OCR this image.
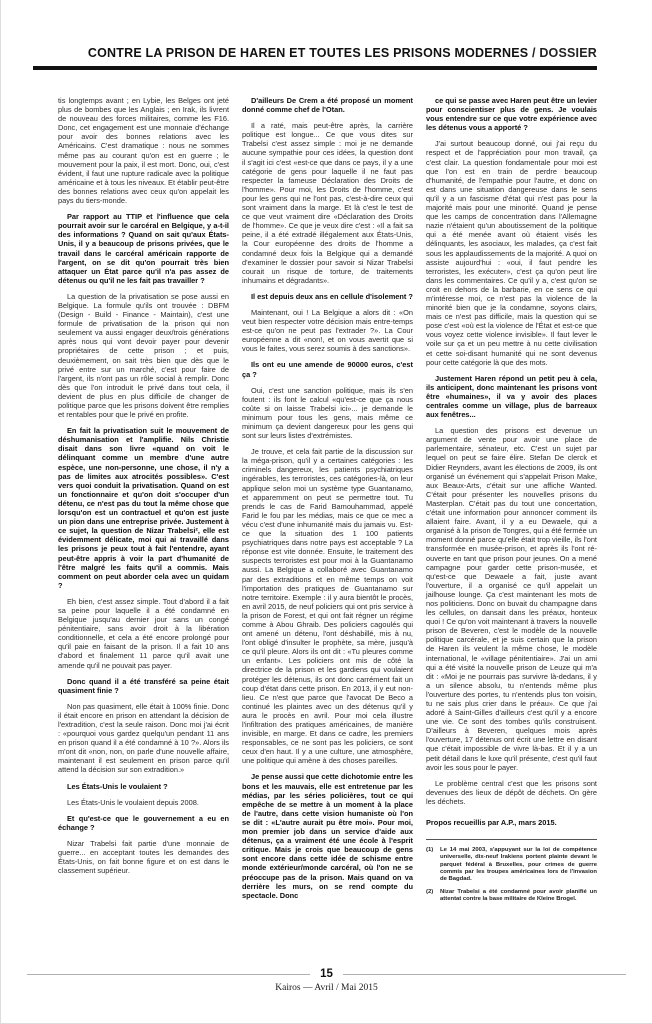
CONTRE LA PRISON DE HAREN ET TOUTES LES PRISONS MODERNES / DOSSIER

tis longtemps avant ; en Lybie, les Belges ont jeté plus de bombes que les Anglais ; en Irak, ils livrent de nouveau des forces militaires, comme les F16. Donc, cet engagement est une monnaie d'échange pour avoir des bonnes relations avec les Américains. C'est dramatique : nous ne sommes même pas au courant qu'on est en guerre ; le mouvement pour la paix, il est mort. Donc, oui, c'est évident, il faut une rupture radicale avec la politique américaine et à tous les niveaux. Et établir peut-être des bonnes relations avec ceux qu'on appelait les pays du tiers-monde.

Par rapport au TTIP et l'influence que cela pourrait avoir sur le carcéral en Belgique, y a-t-il des informations ? Quand on sait qu'aux États-Unis, il y a beaucoup de prisons privées, que le travail dans le carcéral américain rapporte de l'argent, on se dit qu'on pourrait très bien attaquer un État parce qu'il n'a pas assez de détenus ou qu'il ne les fait pas travailler ?

La question de la privatisation se pose aussi en Belgique. La formule qu'ils ont trouvée : DBFM (Design - Build - Finance - Maintain), c'est une formule de privatisation de la prison qui non seulement va aussi engager deux/trois générations après nous qui vont devoir payer pour devenir propriétaires de cette prison ; et puis, deuxièmement, on sait très bien que dès que le privé entre sur un marché, c'est pour faire de l'argent, ils n'ont pas un rôle social à remplir. Donc dès que l'on introduit le privé dans tout cela, il devient de plus en plus difficile de changer de politique parce que les prisons doivent être remplies et rentables pour que le privé en profite.

En fait la privatisation suit le mouvement de déshumanisation et l'amplifie. Nils Christie disait dans son livre «quand on voit le délinquant comme un membre d'une autre espèce, une non-personne, une chose, il n'y a pas de limites aux atrocités possibles». C'est vers quoi conduit la privatisation. Quand on est un fonctionnaire et qu'on doit s'occuper d'un détenu, ce n'est pas du tout la même chose que lorsqu'on est un contractuel et qu'on est juste un pion dans une entreprise privée. Justement à ce sujet, la question de Nizar Trabelsi², elle est évidemment délicate, moi qui ai travaillé dans les prisons je peux tout à fait l'entendre, ayant peut-être appris à voir la part d'humanité de l'être malgré les faits qu'il a commis. Mais comment on peut aborder cela avec un quidam ?

Eh bien, c'est assez simple. Tout d'abord il a fait sa peine pour laquelle il a été condamné en Belgique jusqu'au dernier jour sans un congé pénitentiaire, sans avoir droit à la libération conditionnelle, et cela a été encore prolongé pour qu'il paie en faisant de la prison. Il a fait 10 ans d'abord et finalement 11 parce qu'il avait une amende qu'il ne pouvait pas payer.

Donc quand il a été transféré sa peine était quasiment finie ?

Non pas quasiment, elle était à 100% finie. Donc il était encore en prison en attendant la décision de l'extradition, c'est la seule raison. Donc moi j'ai écrit : «pourquoi vous gardez quelqu'un pendant 11 ans en prison quand il a été condamné à 10 ?». Alors ils m'ont dit «non, non, on parle d'une nouvelle affaire, maintenant il est seulement en prison parce qu'il attend la décision sur son extradition.»

Les États-Unis le voulaient ?

Les États-Unis le voulaient depuis 2008.

Et qu'est-ce que le gouvernement a eu en échange ?

Nizar Trabelsi fait partie d'une monnaie de guerre... en acceptant toutes les demandes des États-Unis, on fait bonne figure et on est dans le classement supérieur.

D'ailleurs De Crem a été proposé un moment donné comme chef de l'Otan.

Il a raté, mais peut-être après, la carrière politique est longue... Ce que vous dites sur Trabelsi c'est assez simple : moi je ne demande aucune sympathie pour ces idées, la question dont il s'agit ici c'est «est-ce que dans ce pays, il y a une catégorie de gens pour laquelle il ne faut pas respecter la fameuse Déclaration des Droits de l'homme». Pour moi, les Droits de l'homme, c'est pour les gens qui ne l'ont pas, c'est-à-dire ceux qui sont vraiment dans la marge. Et là c'est le test de ce que veut vraiment dire «Déclaration des Droits de l'homme». Ce que je veux dire c'est : «Il a fait sa peine, il a été extradé illégalement aux États-Unis, la Cour européenne des droits de l'homme a condamné deux fois la Belgique qui a demandé d'examiner le dossier pour savoir si Nizar Trabelsi courait un risque de torture, de traitements inhumains et dégradants».

Il est depuis deux ans en cellule d'isolement ?

Maintenant, oui ! La Belgique a alors dit : «On veut bien respecter votre décision mais entre-temps est-ce qu'on ne peut pas l'extrader ?». La Cour européenne a dit «non!, et on vous avertit que si vous le faites, vous serez soumis à des sanctions».

Ils ont eu une amende de 90000 euros, c'est ça ?

Oui, c'est une sanction politique, mais ils s'en foutent : ils font le calcul «qu'est-ce que ça nous coûte si on laisse Trabelsi ici»... je demande le minimum pour tous les gens, mais même ce minimum ça devient dangereux pour les gens qui sont sur leurs listes d'extrémistes.

Je trouve, et cela fait partie de la discussion sur la méga-prison, qu'il y a certaines catégories : les criminels dangereux, les patients psychiatriques ingérables, les terroristes, ces catégories-là, on leur applique selon moi un système type Guantanamo, et apparemment on peut se permettre tout. Tu prends le cas de Farid Bamouhammad, appelé Farid le fou par les médias, mais ce que ce mec a vécu c'est d'une inhumanité mais du jamais vu. Est-ce que la situation des 1 100 patients psychiatriques dans notre pays est acceptable ? La réponse est vite donnée. Ensuite, le traitement des suspects terroristes est pour moi à la Guantanamo aussi. La Belgique a collaboré avec Guantanamo par des extraditions et en même temps on voit l'importation des pratiques de Guantanamo sur notre territoire. Exemple : il y aura bientôt le procès, en avril 2015, de neuf policiers qui ont pris service à la prison de Forest, et qui ont fait régner un régime comme à Abou Ghraib. Des policiers cagoulés qui ont amené un détenu, l'ont déshabillé, mis à nu, l'ont obligé d'insulter le prophète, sa mère, jusqu'à ce qu'il pleure. Alors ils ont dit : «Tu pleures comme un enfant». Les policiers ont mis de côté la directrice de la prison et les gardiens qui voulaient protéger les détenus, ils ont donc carrément fait un coup d'état dans cette prison. En 2013, il y eut non-lieu. Ce n'est que parce que l'avocat De Beco a continué les plaintes avec un des détenus qu'il y aura le procès en avril. Pour moi cela illustre l'infiltration des pratiques américaines, de manière invisible, en marge. Et dans ce cadre, les premiers responsables, ce ne sont pas les policiers, ce sont ceux d'en haut. Il y a une culture, une atmosphère, une politique qui amène à des choses pareilles.

Je pense aussi que cette dichotomie entre les bons et les mauvais, elle est entretenue par les médias, par les séries policières, tout ce qui empêche de se mettre à un moment à la place de l'autre, dans cette vision humaniste où l'on se dit : «L'autre aurait pu être moi». Pour moi, mon premier job dans un service d'aide aux détenus, ça a vraiment été une école à l'esprit critique. Mais je crois que beaucoup de gens sont encore dans cette idée de schisme entre monde extérieur/monde carcéral, où l'on ne se préoccupe pas de la prison. Mais quand on va derrière les murs, on se rend compte du spectacle. Donc

ce qui se passe avec Haren peut être un levier pour conscientiser plus de gens. Je voulais vous entendre sur ce que votre expérience avec les détenus vous a apporté ?

J'ai surtout beaucoup donné, oui j'ai reçu du respect et de l'appréciation pour mon travail, ça c'est clair. La question fondamentale pour moi est que l'on est en train de perdre beaucoup d'humanité, de l'empathie pour l'autre, et donc on est dans une situation dangereuse dans le sens qu'il y a un fascisme d'état qui n'est pas pour la majorité mais pour une minorité. Quand je pense que les camps de concentration dans l'Allemagne nazie n'étaient qu'un aboutissement de la politique qui a été menée avant où étaient visés les délinquants, les asociaux, les malades, ça c'est fait sous les applaudissements de la majorité. A quoi on assiste aujourd'hui : «oui, il faut pendre les terroristes, les exécuter», c'est ça qu'on peut lire dans les commentaires. Ce qu'il y a, c'est qu'on se croit en dehors de la barbarie, en ce sens ce qui m'intéresse moi, ce n'est pas la violence de la minorité bien que je la condamne, soyons clairs, mais ce n'est pas difficile, mais la question qui se pose c'est «où est la violence de l'État et est-ce que vous voyez cette violence invisible». Il faut lever le voile sur ça et un peu mettre à nu cette civilisation et cette soi-disant humanité qui ne sont devenus pour cette catégorie là que des mots.

Justement Haren répond un petit peu à cela, ils anticipent, donc maintenant les prisons vont être «humaines», il va y avoir des places centrales comme un village, plus de barreaux aux fenêtres...

La question des prisons est devenue un argument de vente pour avoir une place de parlementaire, sénateur, etc. C'est un sujet par lequel on peut se faire élire. Stefan De clerck et Didier Reynders, avant les élections de 2009, ils ont organisé un événement qui s'appelait Prison Make, aux Beaux-Arts, c'était sur une affiche Wanted. C'était pour présenter les nouvelles prisons du Masterplan. C'était pas du tout une concertation, c'était une information pour annoncer comment ils allaient faire. Avant, il y a eu Dewaele, qui a organisé à la prison de Tongres, qui a été fermée un moment donné parce qu'elle était trop vieille, ils l'ont transformée en musée-prison, et après ils l'ont ré-ouverte en tant que prison pour jeunes. On a mené campagne pour garder cette prison-musée, et qu'est-ce que Dewaele a fait, juste avant l'ouverture, il a organisé ce qu'il appelait un jailhouse lounge. Ça c'est maintenant les mots de nos politiciens. Donc on buvait du champagne dans les cellules, on dansait dans les préaux, honteux quoi ! Ce qu'on voit maintenant à travers la nouvelle prison de Beveren, c'est le modèle de la nouvelle politique carcérale, et je suis certain que la prison de Haren ils veulent la même chose, le modèle international, le «village pénitentiaire». J'ai un ami qui a été visité la nouvelle prison de Leuze qui m'a dit : «Moi je ne pourrais pas survivre là-dedans, il y a un silence absolu, tu n'entends même plus l'ouverture des portes, tu n'entends plus ton voisin, tu ne sais plus crier dans le préau». Ce que j'ai adoré à Saint-Gilles d'ailleurs c'est qu'il y a encore une vie. Ce sont des tombes qu'ils construisent. D'ailleurs à Beveren, quelques mois après l'ouverture, 17 détenus ont écrit une lettre en disant que c'était impossible de vivre là-bas. Et il y a un petit détail dans le luxe qu'il présente, c'est qu'il faut avoir les sous pour le payer.

Le problème central c'est que les prisons sont devenues des lieux de dépôt de déchets. On gère les déchets.

Propos recueillis par A.P., mars 2015.

(1)	Le 14 mai 2003, s'appuyant sur la loi de compétence universelle, dix-neuf Irakiens portent plainte devant le parquet fédéral à Bruxelles, pour crimes de guerre commis par les troupes américaines lors de l'invasion de Bagdad.
(2)	Nizar Trabelsi a été condamné pour avoir planifié un attentat contre la base militaire de Kleine Brogel.
15
Kairos — Avril / Mai 2015
